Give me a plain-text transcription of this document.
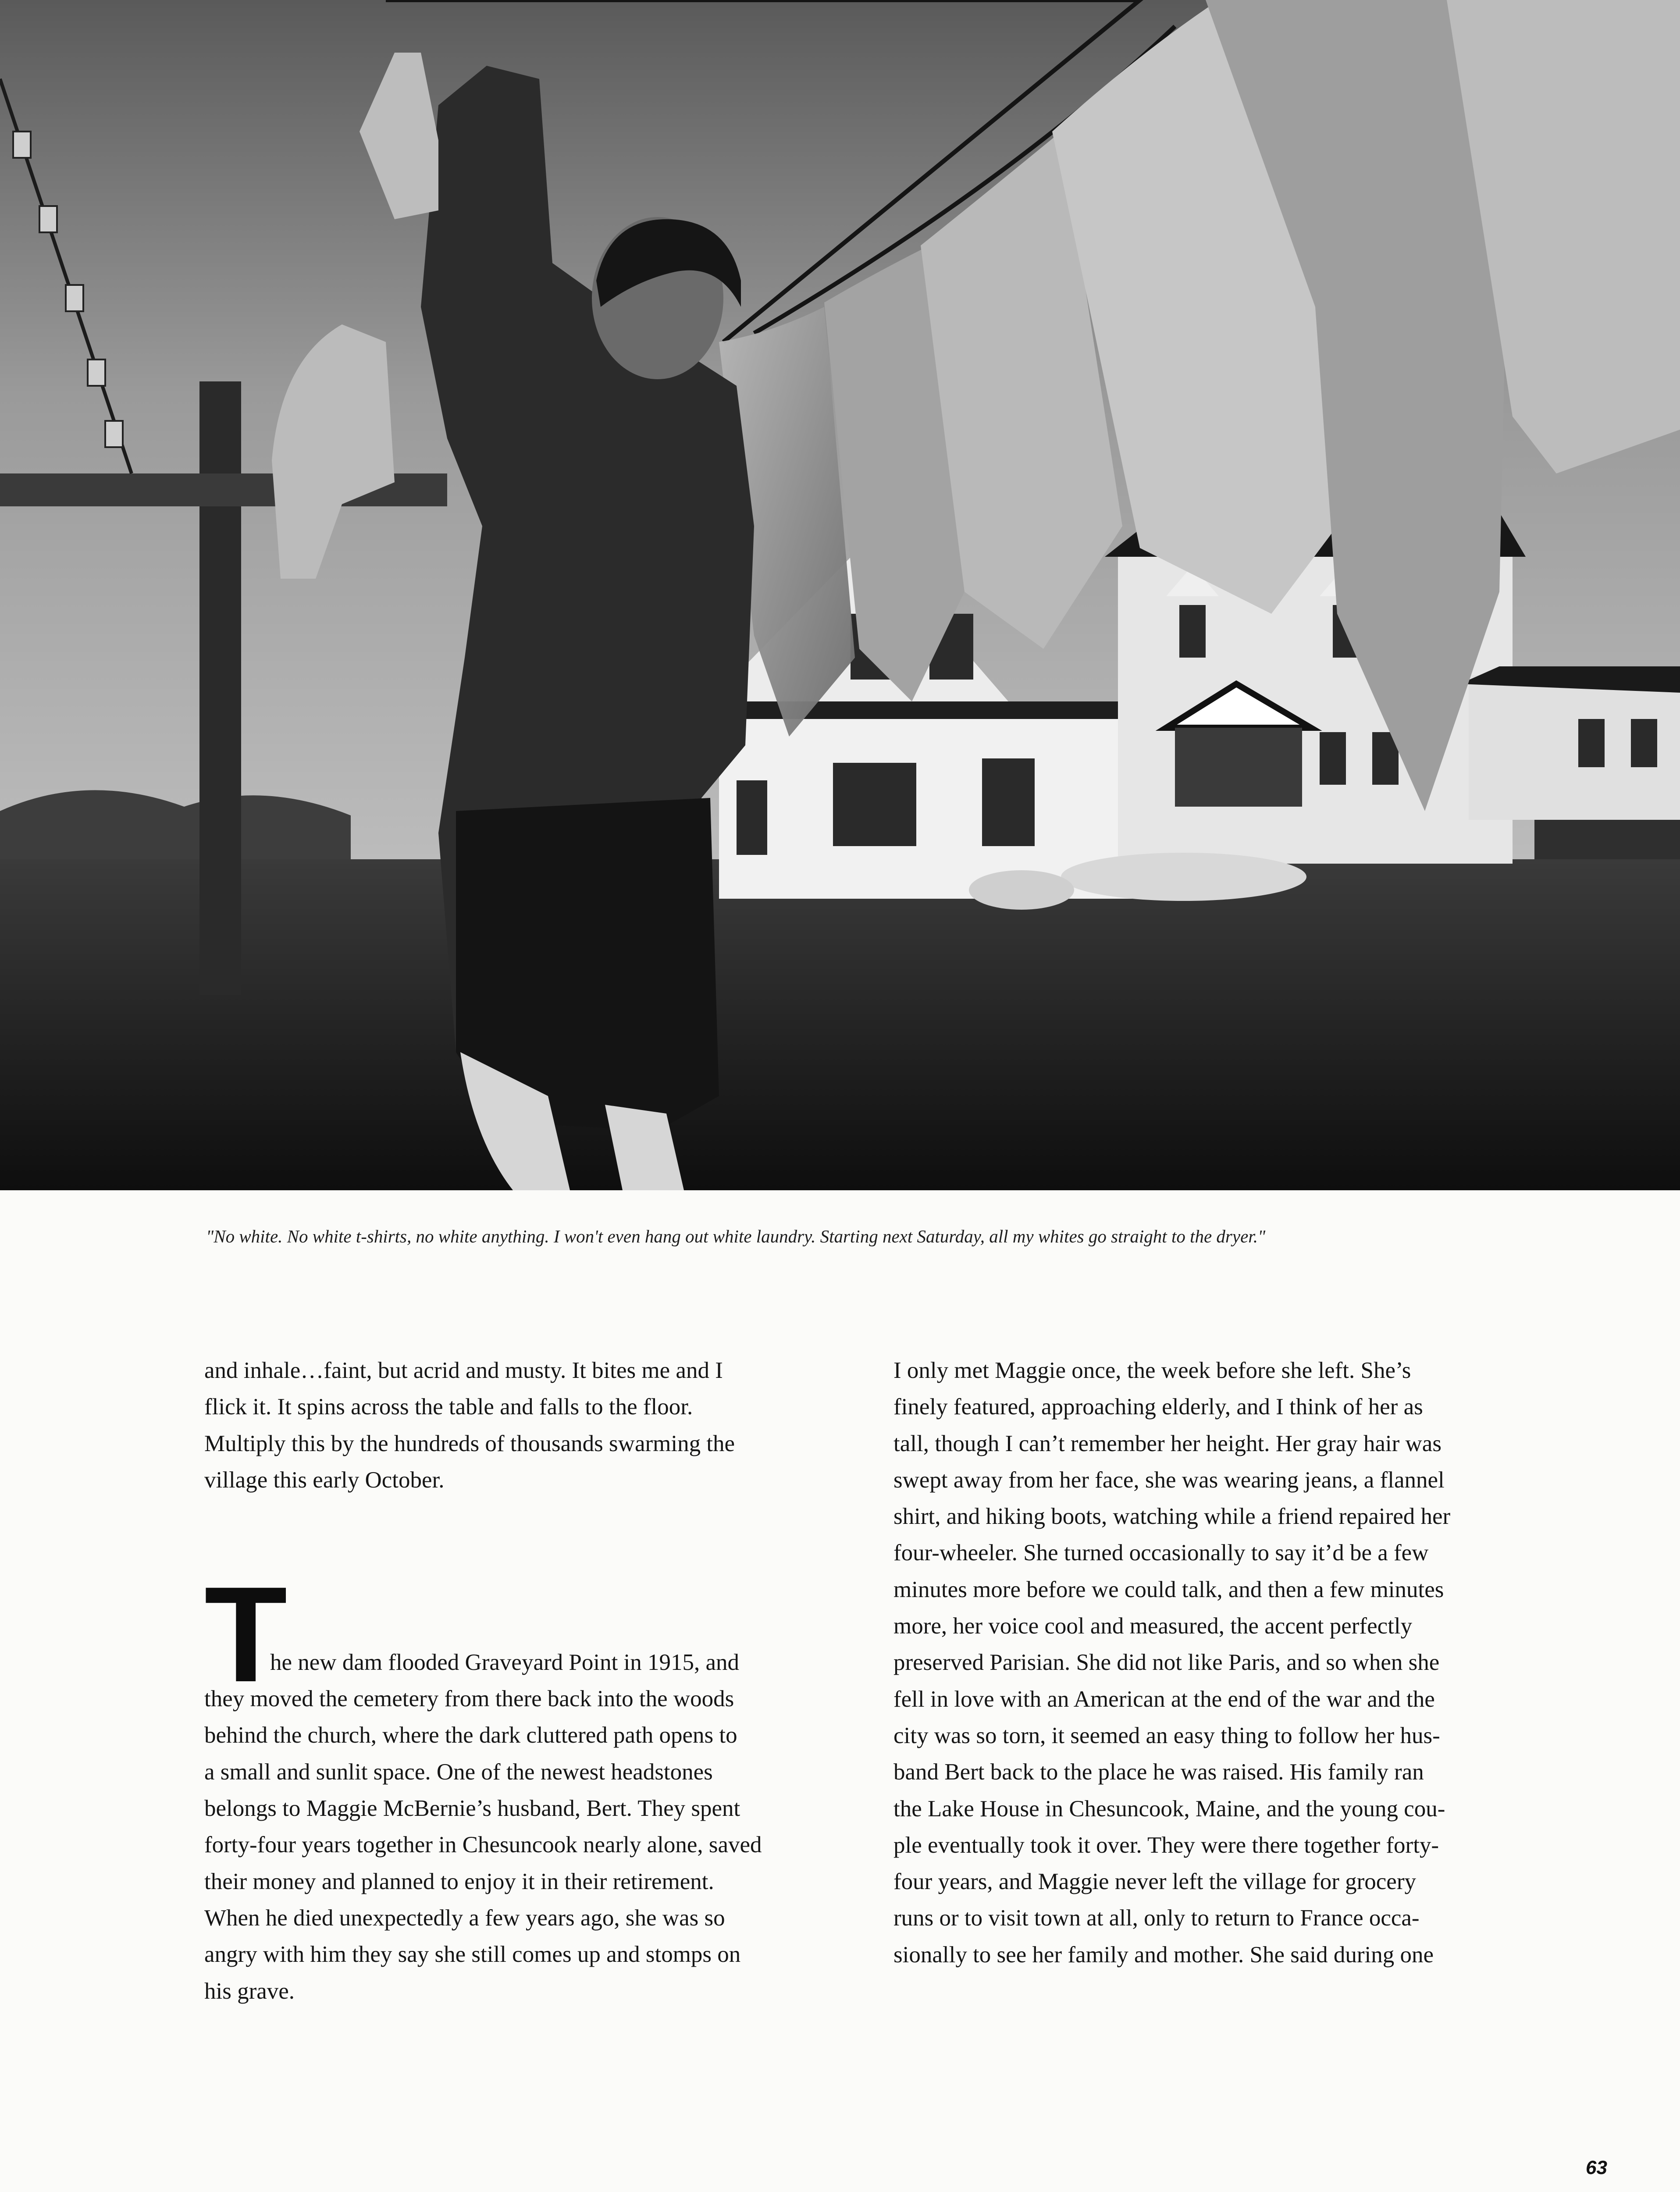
"No white. No white t-shirts, no white anything. I won't even hang out white laundry. Starting next Saturday, all my whites go straight to the dryer."
and inhale…faint, but acrid and musty. It bites me and I
flick it. It spins across the table and falls to the floor.
Multiply this by the hundreds of thousands swarming the
village this early October.
T
he new dam flooded Graveyard Point in 1915, and
they moved the cemetery from there back into the woods
behind the church, where the dark cluttered path opens to
a small and sunlit space. One of the newest headstones
belongs to Maggie McBernie’s husband, Bert. They spent
forty-four years together in Chesuncook nearly alone, saved
their money and planned to enjoy it in their retirement.
When he died unexpectedly a few years ago, she was so
angry with him they say she still comes up and stomps on
his grave.
I only met Maggie once, the week before she left. She’s
finely featured, approaching elderly, and I think of her as
tall, though I can’t remember her height. Her gray hair was
swept away from her face, she was wearing jeans, a flannel
shirt, and hiking boots, watching while a friend repaired her
four-wheeler. She turned occasionally to say it’d be a few
minutes more before we could talk, and then a few minutes
more, her voice cool and measured, the accent perfectly
preserved Parisian. She did not like Paris, and so when she
fell in love with an American at the end of the war and the
city was so torn, it seemed an easy thing to follow her hus-
band Bert back to the place he was raised. His family ran
the Lake House in Chesuncook, Maine, and the young cou-
ple eventually took it over. They were there together forty-
four years, and Maggie never left the village for grocery
runs or to visit town at all, only to return to France occa-
sionally to see her family and mother. She said during one
63
